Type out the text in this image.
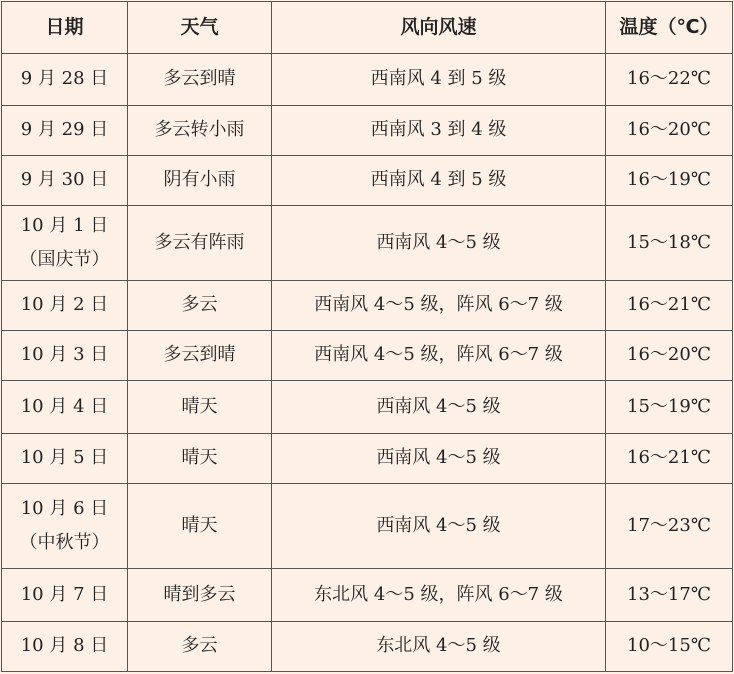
日期	天气	风向风速	温度（℃）

9 月 28 日	多云到晴	西南风 4 到 5 级	16～22℃

9 月 29 日	多云转小雨	西南风 3 到 4 级	16～20℃

9 月 30 日	阴有小雨	西南风 4 到 5 级	16～19℃

10 月 1 日
（国庆节）	多云有阵雨	西南风 4～5 级	15～18℃

10 月 2 日	多云	西南风 4～5 级，阵风 6～7 级	16～21℃

10 月 3 日	多云到晴	西南风 4～5 级，阵风 6～7 级	16～20℃

10 月 4 日	晴天	西南风 4～5 级	15～19℃

10 月 5 日	晴天	西南风 4～5 级	16～21℃

10 月 6 日
（中秋节）	晴天	西南风 4～5 级	17～23℃

10 月 7 日	晴到多云	东北风 4～5 级，阵风 6～7 级	13～17℃

10 月 8 日	多云	东北风 4～5 级	10～15℃
